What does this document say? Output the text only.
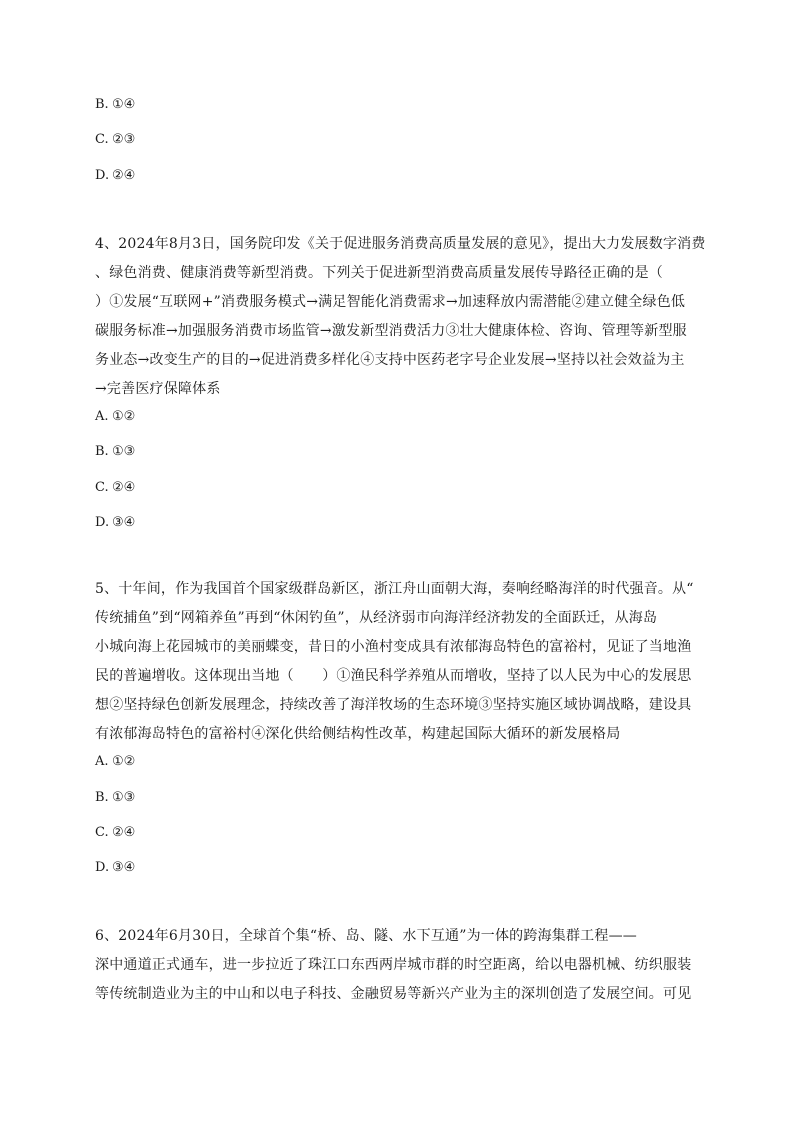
B. ①④
C. ②③
D. ②④
4、2024年8月3日，国务院印发《关于促进服务消费高质量发展的意见》，提出大力发展数字消费
、绿色消费、健康消费等新型消费。下列关于促进新型消费高质量发展传导路径正确的是（
）①发展“互联网+”消费服务模式→满足智能化消费需求→加速释放内需潜能②建立健全绿色低
碳服务标准→加强服务消费市场监管→激发新型消费活力③壮大健康体检、咨询、管理等新型服
务业态→改变生产的目的→促进消费多样化④支持中医药老字号企业发展→坚持以社会效益为主
→完善医疗保障体系
A. ①②
B. ①③
C. ②④
D. ③④
5、十年间，作为我国首个国家级群岛新区，浙江舟山面朝大海，奏响经略海洋的时代强音。从“
传统捕鱼”到“网箱养鱼”再到“休闲钓鱼”，从经济弱市向海洋经济勃发的全面跃迁，从海岛
小城向海上花园城市的美丽蝶变，昔日的小渔村变成具有浓郁海岛特色的富裕村，见证了当地渔
民的普遍增收。这体现出当地（　　）①渔民科学养殖从而增收，坚持了以人民为中心的发展思
想②坚持绿色创新发展理念，持续改善了海洋牧场的生态环境③坚持实施区域协调战略，建设具
有浓郁海岛特色的富裕村④深化供给侧结构性改革，构建起国际大循环的新发展格局
A. ①②
B. ①③
C. ②④
D. ③④
6、2024年6月30日，全球首个集“桥、岛、隧、水下互通”为一体的跨海集群工程——
深中通道正式通车，进一步拉近了珠江口东西两岸城市群的时空距离，给以电器机械、纺织服装
等传统制造业为主的中山和以电子科技、金融贸易等新兴产业为主的深圳创造了发展空间。可见
